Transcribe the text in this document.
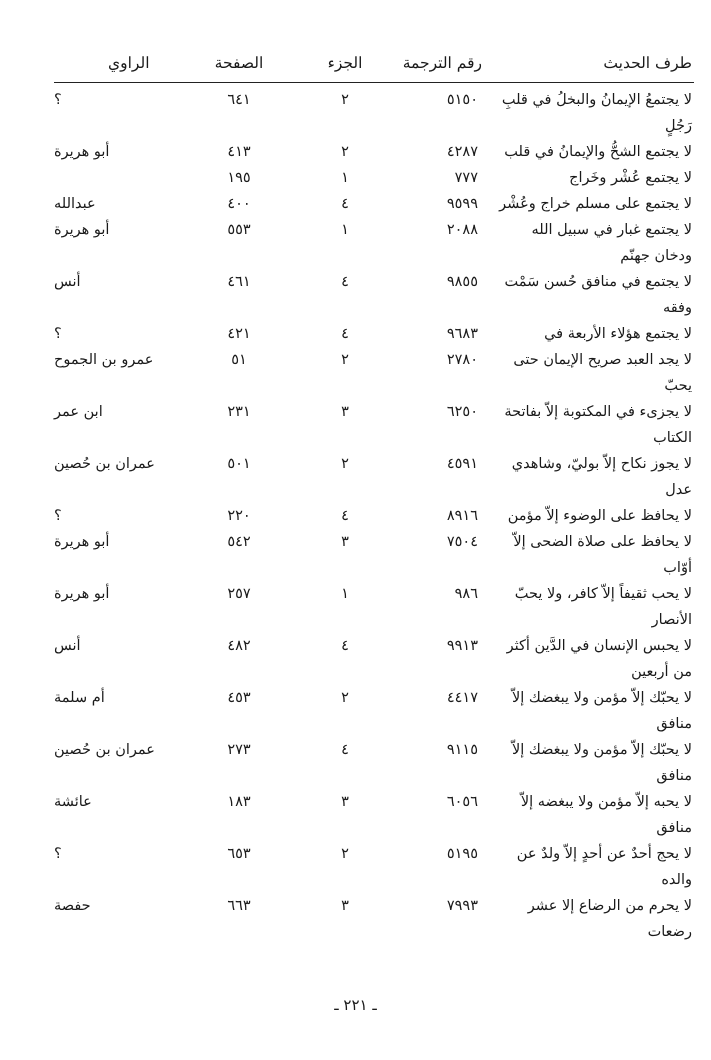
طرف الحديث	رقم الترجمة	الجزء	الصفحة	الراوي
لا يجتمعُ الإيمانُ والبخلُ في قلبِ رَجُلٍ	٥١٥٠	٢	٦٤١	؟
لا يجتمع الشحُّ والإيمانُ في قلب	٤٢٨٧	٢	٤١٣	أبو هريرة
لا يجتمع عُشْر وخَراج	٧٧٧	١	١٩٥	
لا يجتمع على مسلم خراج وعُشْر	٩٥٩٩	٤	٤٠٠	عبدالله
لا يجتمع غبار في سبيل الله ودخان جهنّم	٢٠٨٨	١	٥٥٣	أبو هريرة
لا يجتمع في منافق حُسن سَمْت وفقه	٩٨٥٥	٤	٤٦١	أنس
لا يجتمع هؤلاء الأربعة في	٩٦٨٣	٤	٤٢١	؟
لا يجد العبد صريح الإيمان حتى يحبّ	٢٧٨٠	٢	٥١	عمرو بن الجموح
لا يجزىء في المكتوبة إلاّ بفاتحة الكتاب	٦٢٥٠	٣	٢٣١	ابن عمر
لا يجوز نكاح إلاّ بوليّ، وشاهدي عدل	٤٥٩١	٢	٥٠١	عمران بن حُصين
لا يحافظ على الوضوء إلاّ مؤمن	٨٩١٦	٤	٢٢٠	؟
لا يحافظ على صلاة الضحى إلاّ أوّاب	٧٥٠٤	٣	٥٤٢	أبو هريرة
لا يحب ثقيفاً إلاّ كافر، ولا يحبّ الأنصار	٩٨٦	١	٢٥٧	أبو هريرة
لا يحبس الإنسان في الدَّين أكثر من أربعين	٩٩١٣	٤	٤٨٢	أنس
لا يحبّك إلاّ مؤمن ولا يبغضك إلاّ منافق	٤٤١٧	٢	٤٥٣	أم سلمة
لا يحبّك إلاّ مؤمن ولا يبغضك إلاّ منافق	٩١١٥	٤	٢٧٣	عمران بن حُصين
لا يحبه إلاّ مؤمن ولا يبغضه إلاّ منافق	٦٠٥٦	٣	١٨٣	عائشة
لا يحج أحدٌ عن أحدٍ إلاّ ولدٌ عن والده	٥١٩٥	٢	٦٥٣	؟
لا يحرم من الرضاع إلا عشر رضعات	٧٩٩٣	٣	٦٦٣	حفصة
ـ ٢٢١ ـ
